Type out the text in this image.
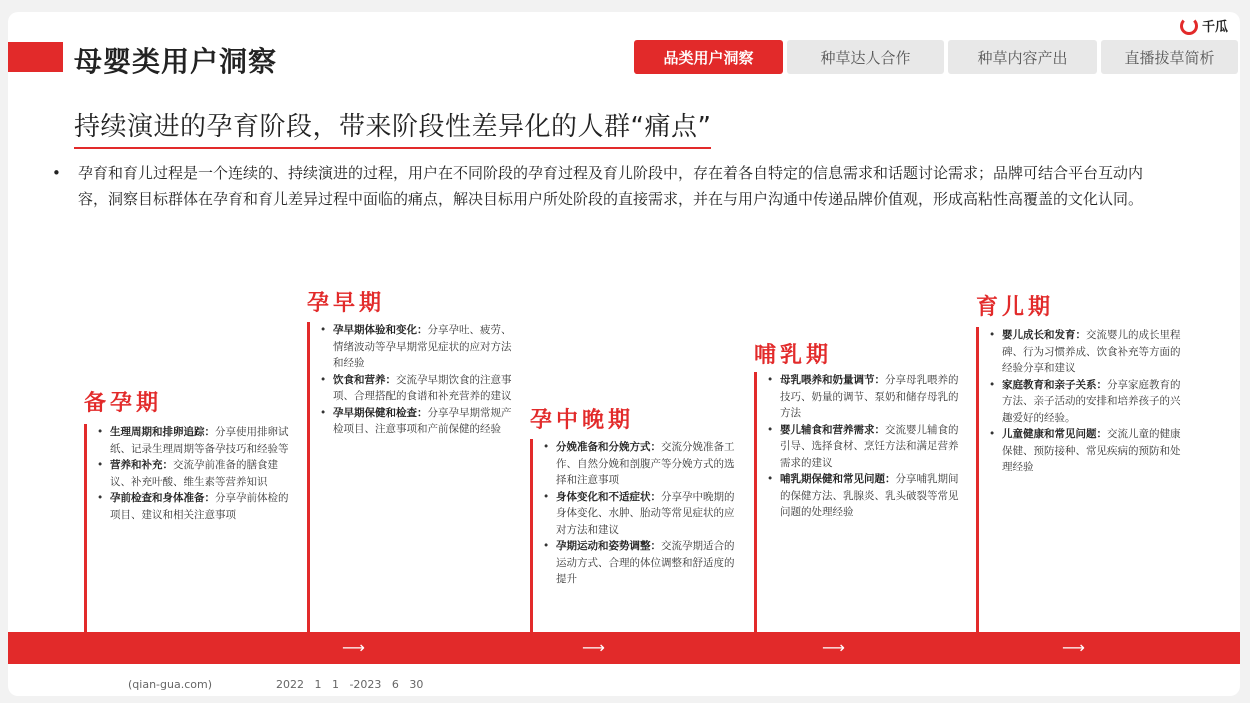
母婴类用户洞察
千瓜
品类用户洞察	种草达人合作	种草内容产出	直播拔草简析
持续演进的孕育阶段，带来阶段性差异化的人群“痛点”
•	孕育和育儿过程是一个连续的、持续演进的过程，用户在不同阶段的孕育过程及育儿阶段中，存在着各自特定的信息需求和话题讨论需求；品牌可结合平台互动内容，洞察目标群体在孕育和育儿差异过程中面临的痛点，解决目标用户所处阶段的直接需求，并在与用户沟通中传递品牌价值观，形成高粘性高覆盖的文化认同。
备孕期
• 生理周期和排卵追踪：分享使用排卵试纸、记录生理周期等备孕技巧和经验等
• 营养和补充：交流孕前准备的膳食建议、补充叶酸、维生素等营养知识
• 孕前检查和身体准备：分享孕前体检的项目、建议和相关注意事项
孕早期
• 孕早期体验和变化：分享孕吐、疲劳、情绪波动等孕早期常见症状的应对方法和经验
• 饮食和营养：交流孕早期饮食的注意事项、合理搭配的食谱和补充营养的建议
• 孕早期保健和检查：分享孕早期常规产检项目、注意事项和产前保健的经验	孕中晚期
• 分娩准备和分娩方式：交流分娩准备工作、自然分娩和剖腹产等分娩方式的选择和注意事项
• 身体变化和不适症状：分享孕中晚期的身体变化、水肿、胎动等常见症状的应对方法和建议
• 孕期运动和姿势调整：交流孕期适合的运动方式、合理的体位调整和舒适度的提升
哺乳期
• 母乳喂养和奶量调节：分享母乳喂养的技巧、奶量的调节、泵奶和储存母乳的方法
• 婴儿辅食和营养需求：交流婴儿辅食的引导、选择食材、烹饪方法和满足营养需求的建议
• 哺乳期保健和常见问题：分享哺乳期间的保健方法、乳腺炎、乳头破裂等常见问题的处理经验
育儿期
• 婴儿成长和发育：交流婴儿的成长里程碑、行为习惯养成、饮食补充等方面的经验分享和建议
• 家庭教育和亲子关系：分享家庭教育的方法、亲子活动的安排和培养孩子的兴趣爱好的经验。
• 儿童健康和常见问题：交流儿童的健康保健、预防接种、常见疾病的预防和处理经验
⟶	⟶	⟶	⟶
(qian-gua.com)	2022   1   1   -2023   6   30
